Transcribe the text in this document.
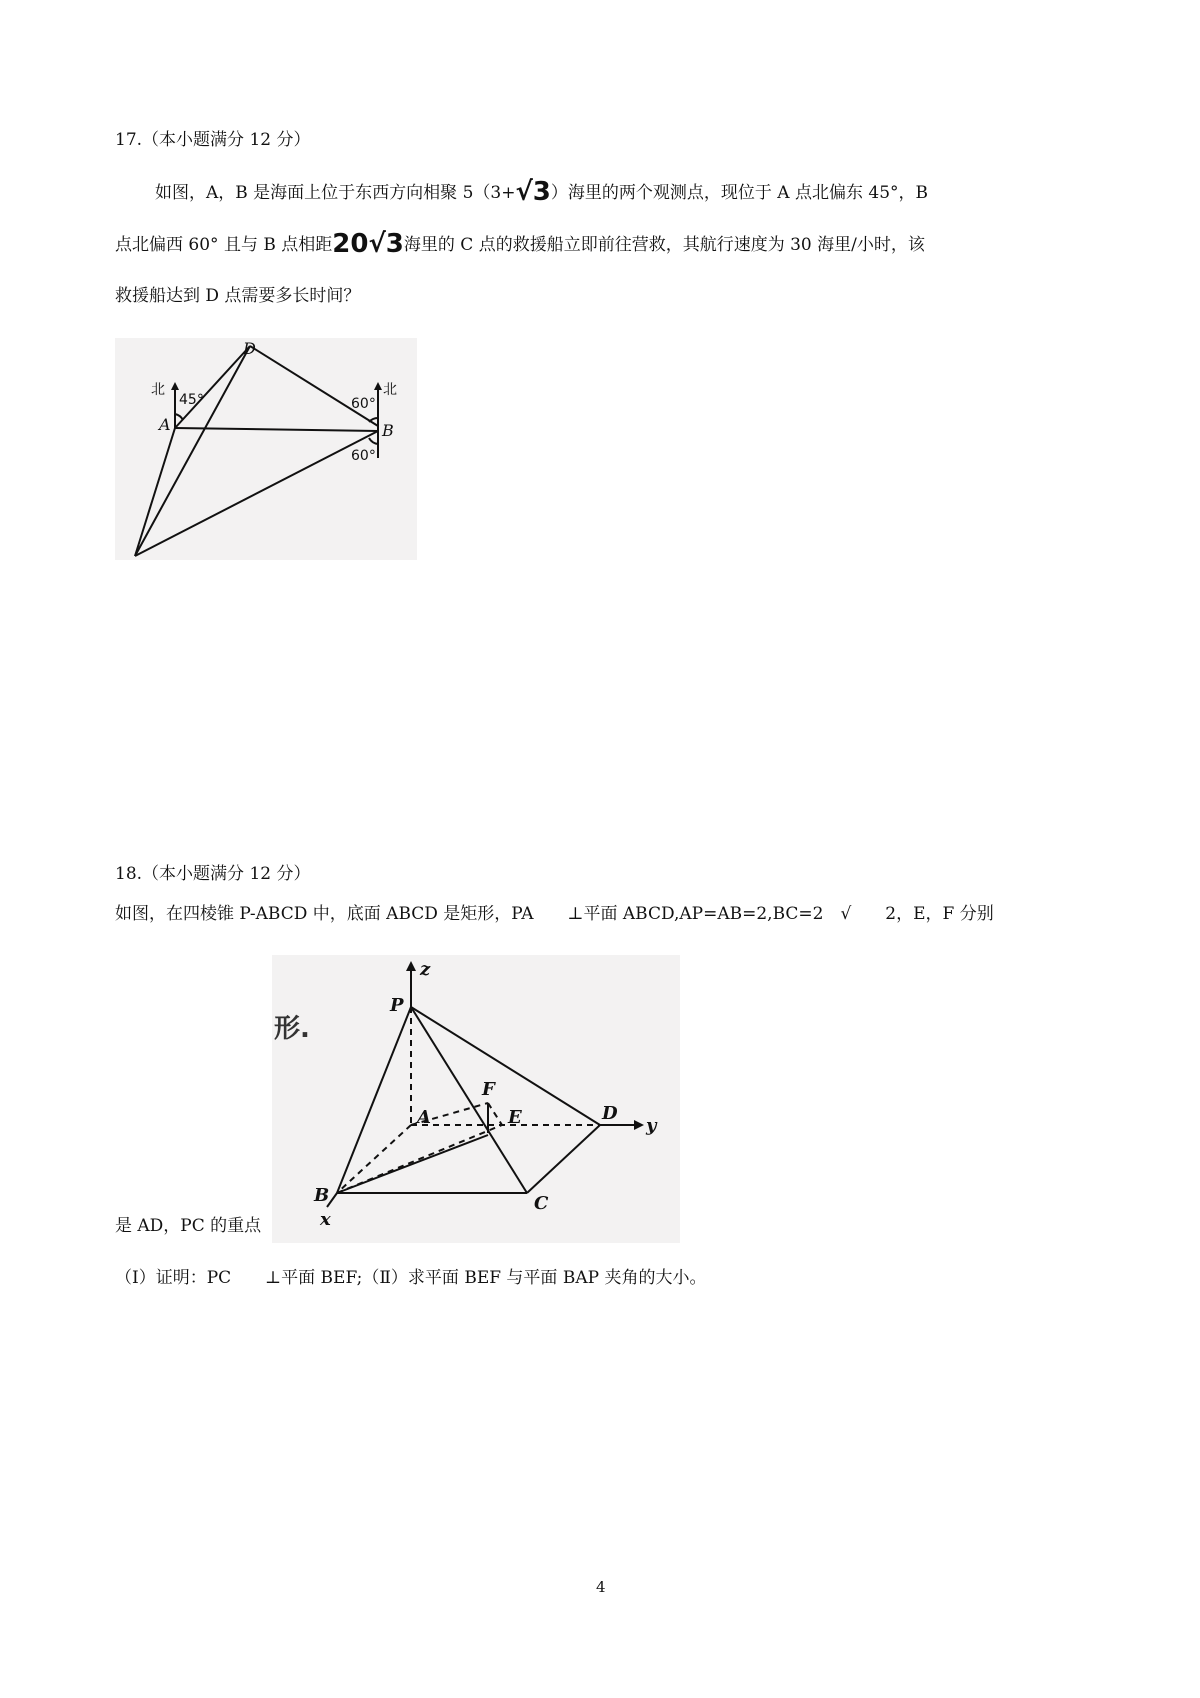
17.（本小题满分 12 分）
如图，A，B 是海面上位于东西方向相聚 5（3+√3）海里的两个观测点，现位于 A 点北偏东 45°，B
点北偏西 60° 且与 B 点相距20√3海里的 C 点的救援船立即前往营救，其航行速度为 30 海里/小时，该
救援船达到 D 点需要多长时间？
D
A	B
北	北
45°	60°
60°
18.（本小题满分 12 分）
如图，在四棱锥 P-ABCD 中，底面 ABCD 是矩形，PA　　⊥平面 ABCD,AP=AB=2,BC=2　√　　2，E，F 分别
形.
P
z
A
F
E	D
y
B	C
x
是 AD，PC 的重点
（Ⅰ）证明：PC　　⊥平面 BEF;（Ⅱ）求平面 BEF 与平面 BAP 夹角的大小。
4
